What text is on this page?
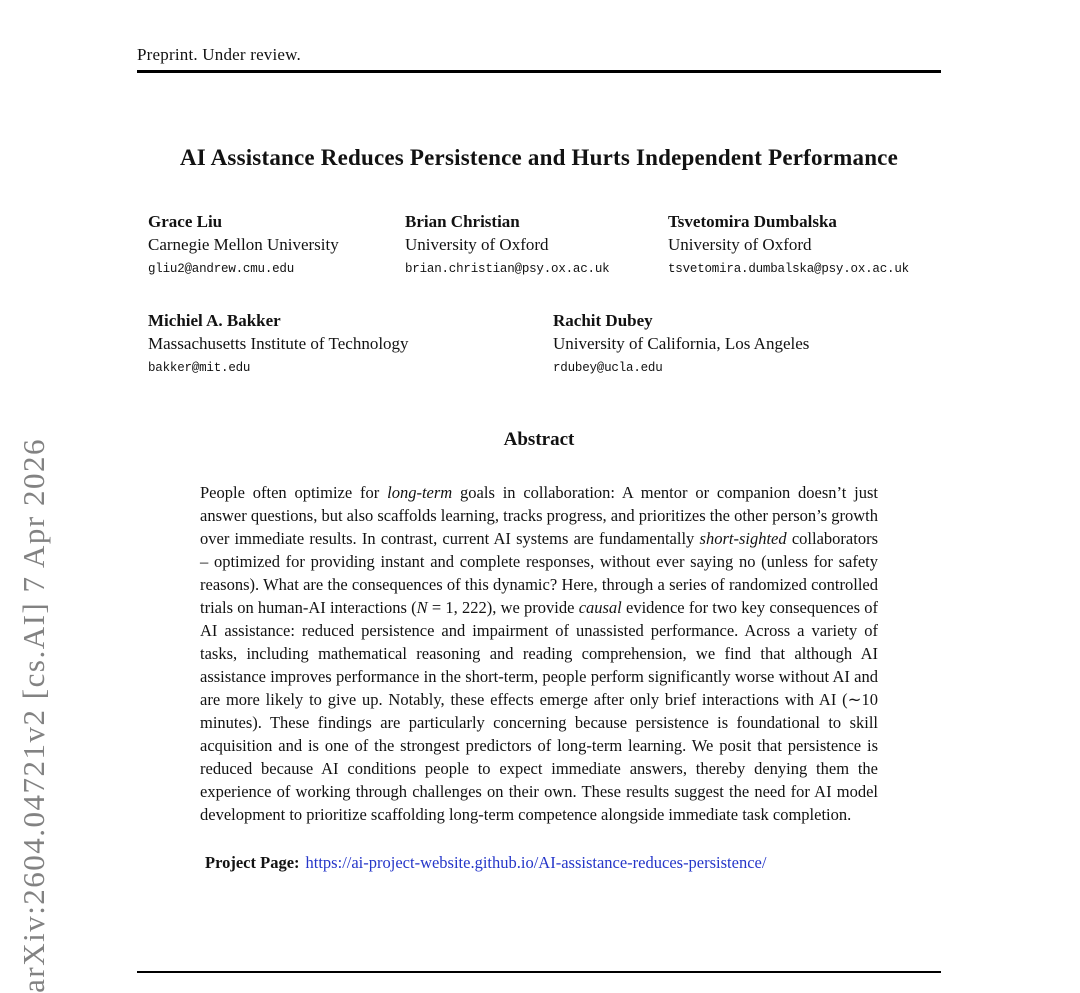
arXiv:2604.04721v2 [cs.AI] 7 Apr 2026
Preprint. Under review.
AI Assistance Reduces Persistence and Hurts Independent Performance
Grace Liu
Carnegie Mellon University
gliu2@andrew.cmu.edu
Brian Christian
University of Oxford
brian.christian@psy.ox.ac.uk
Tsvetomira Dumbalska
University of Oxford
tsvetomira.dumbalska@psy.ox.ac.uk
Michiel A. Bakker
Massachusetts Institute of Technology
bakker@mit.edu
Rachit Dubey
University of California, Los Angeles
rdubey@ucla.edu
Abstract

People often optimize for long-term goals in collaboration: A mentor or companion doesn’t just answer questions, but also scaffolds learning, tracks progress, and prioritizes the other person’s growth over immediate results. In contrast, current AI systems are fundamentally short-sighted collaborators – optimized for providing instant and complete responses, without ever saying no (unless for safety reasons). What are the consequences of this dynamic? Here, through a series of randomized controlled trials on human-AI interactions (N = 1, 222), we provide causal evidence for two key consequences of AI assistance: reduced persistence and impairment of unassisted performance. Across a variety of tasks, including mathematical reasoning and reading comprehension, we find that although AI assistance improves performance in the short-term, people perform significantly worse without AI and are more likely to give up. Notably, these effects emerge after only brief interactions with AI (∼10 minutes). These findings are particularly concerning because persistence is foundational to skill acquisition and is one of the strongest predictors of long-term learning. We posit that persistence is reduced because AI conditions people to expect immediate answers, thereby denying them the experience of working through challenges on their own. These results suggest the need for AI model development to prioritize scaffolding long-term competence alongside immediate task completion.

Project Page: https://ai-project-website.github.io/AI-assistance-reduces-persistence/
